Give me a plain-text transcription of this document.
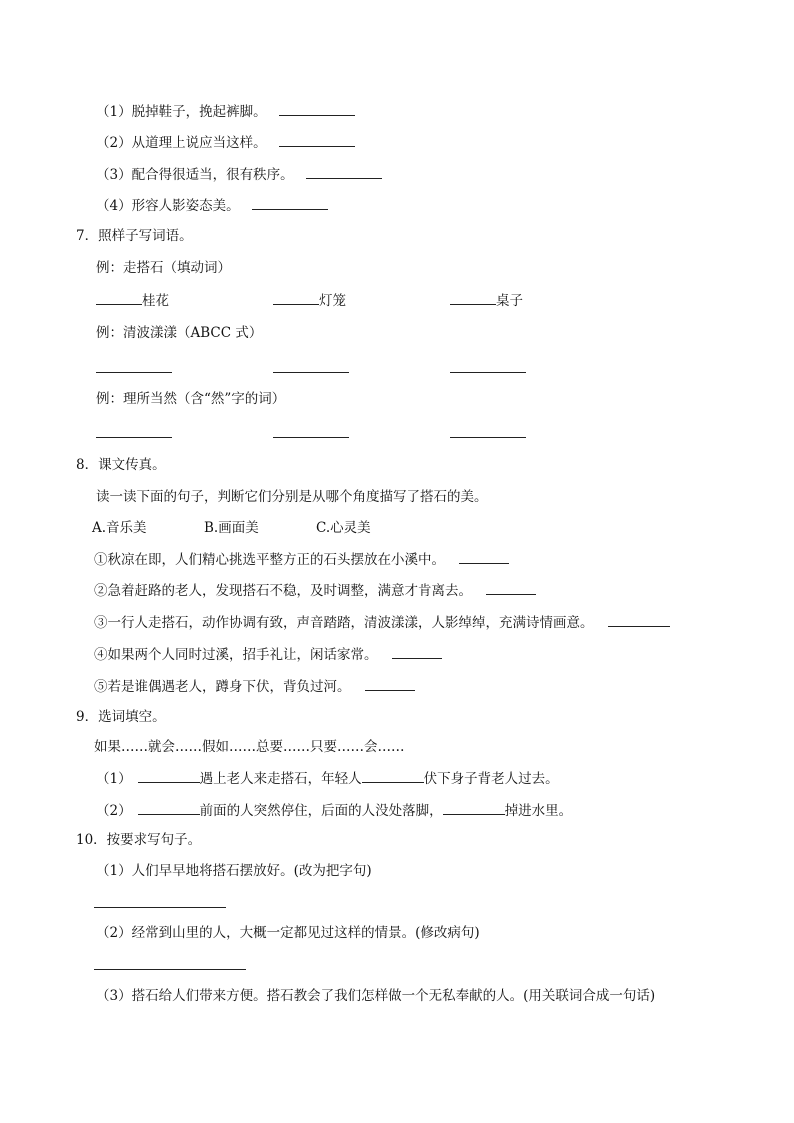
（1）脱掉鞋子，挽起裤脚。
（2）从道理上说应当这样。
（3）配合得很适当，很有秩序。
（4）形容人影姿态美。
7．照样子写词语。
例：走搭石（填动词）
桂花	灯笼	桌子
例：清波漾漾（ABCC 式）
例：理所当然（含“然”字的词）
8．课文传真。
读一读下面的句子，判断它们分别是从哪个角度描写了搭石的美。
A.音乐美	B.画面美	C.心灵美
①秋凉在即，人们精心挑选平整方正的石头摆放在小溪中。
②急着赶路的老人，发现搭石不稳，及时调整，满意才肯离去。
③一行人走搭石，动作协调有致，声音踏踏，清波漾漾，人影绰绰，充满诗情画意。
④如果两个人同时过溪，招手礼让，闲话家常。
⑤若是谁偶遇老人，蹲身下伏，背负过河。
9．选词填空。
如果……就会……假如……总要……只要……会……
（1）	遇上老人来走搭石，年轻人	伏下身子背老人过去。
（2）	前面的人突然停住，后面的人没处落脚，	掉进水里。
10．按要求写句子。
（1）人们早早地将搭石摆放好。(改为把字句)
（2）经常到山里的人，大概一定都见过这样的情景。(修改病句)
（3）搭石给人们带来方便。搭石教会了我们怎样做一个无私奉献的人。(用关联词合成一句话)
